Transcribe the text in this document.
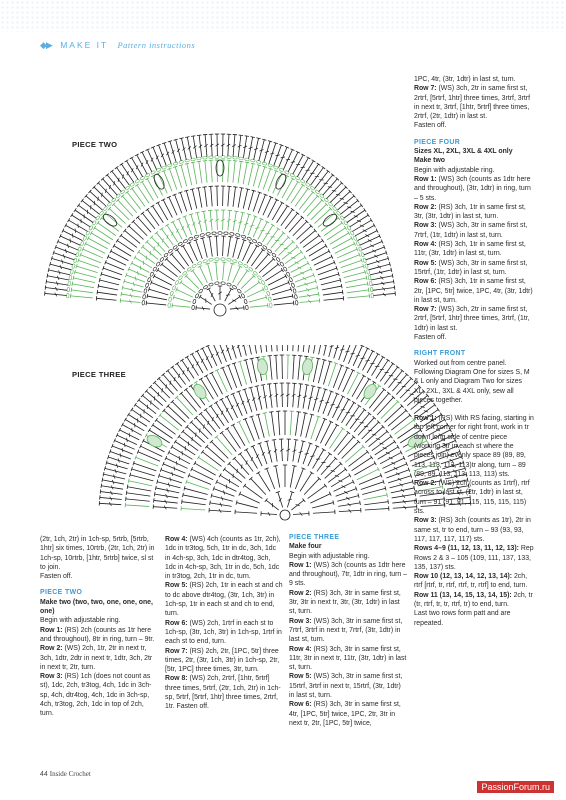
◆▶ MAKE IT Pattern instructions
PIECE TWO
PIECE THREE

1PC, 4tr, (3tr, 1dtr) in last st, turn.

Row 7: (WS) 3ch, 2tr in same first st, 2rtrf, [5rtrf, 1htr] three times, 3rtrf, 3rtrf in next tr, 3rtrf, [1htr, 5rtrf] three times, 2rtrf, (2tr, 1dtr) in last st.

Fasten off.

PIECE FOUR

Sizes XL, 2XL, 3XL & 4XL only

Make two

Begin with adjustable ring.

Row 1: (WS) 3ch (counts as 1dtr here and throughout), (3tr, 1dtr) in ring, turn – 5 sts.

Row 2: (RS) 3ch, 1tr in same first st, 3tr, (3tr, 1dtr) in last st, turn.

Row 3: (WS) 3ch, 3tr in same first st, 7rtrf, (1tr, 1dtr) in last st, turn.

Row 4: (RS) 3ch, 1tr in same first st, 11tr, (3tr, 1dtr) in last st, turn.

Row 5: (WS) 3ch, 3tr in same first st, 15rtrf, (1tr, 1dtr) in last st, turn.

Row 6: (RS) 3ch, 1tr in same first st, 2tr, [1PC, 5tr] twice, 1PC, 4tr, (3tr, 1dtr) in last st, turn.

Row 7: (WS) 3ch, 2tr in same first st, 2rtrf, [5rtrf, 1htr] three times, 3rtrf, (1tr, 1dtr) in last st.

Fasten off.

RIGHT FRONT

Worked out from centre panel. Following Diagram One for sizes S, M & L only and Diagram Two for sizes XL, 2XL, 3XL & 4XL only, sew all pieces together.

Row 1: (RS) With RS facing, starting in top left corner for right front, work in tr down long side of centre piece (working 3tr in each st where the pieces join) evenly space 89 (89, 89, 113, 113, 113, 113)tr along, turn – 89 (89, 89, 113, 113, 113, 113) sts.

Row 2: (WS) 2ch (counts as 1rtrf), rtrf across to last st, (2tr, 1dtr) in last st, turn – 91 (91, 91, 115, 115, 115, 115) sts.

Row 3: (RS) 3ch (counts as 1tr), 2tr in same st, tr to end, turn – 93 (93, 93, 117, 117, 117, 117) sts.

Rows 4–9 (11, 12, 13, 11, 12, 13): Rep Rows 2 & 3 – 105 (109, 111, 137, 133, 135, 137) sts.

Row 10 (12, 13, 14, 12, 13, 14): 2ch, rtrf [rtrf, tr, rtrf, rtrf, tr, rtrf] to end, turn.

Row 11 (13, 14, 15, 13, 14, 15): 2ch, tr (tr, rtrf, tr, tr, rtrf, tr) to end, turn.

Last two rows form patt and are repeated.

(2tr, 1ch, 2tr) in 1ch-sp, 5rtrb, [5rtrb, 1htr] six times, 10rtrb, (2tr, 1ch, 2tr) in 1ch-sp, 10rtrb, [1htr, 5rtrb] twice, sl st to join.

Fasten off.

PIECE TWO

Make two (two, two, one, one, one, one)

Begin with adjustable ring.

Row 1: (RS) 2ch (counts as 1tr here and throughout), 8tr in ring, turn – 9tr.

Row 2: (WS) 2ch, 1tr, 2tr in next tr, 3ch, 1dtr, 2dtr in next tr, 1dtr, 3ch, 2tr in next tr, 2tr, turn.

Row 3: (RS) 1ch (does not count as st), 1dc, 2ch, tr3tog, 4ch, 1dc in 3ch-sp, 4ch, dtr4tog, 4ch, 1dc in 3ch-sp, 4ch, tr3tog, 2ch, 1dc in top of 2ch, turn.

Row 4: (WS) 4ch (counts as 1tr, 2ch), 1dc in tr3tog, 5ch, 1tr in dc, 3ch, 1dc in 4ch-sp, 3ch, 1dc in dtr4tog, 3ch, 1dc in 4ch-sp, 3ch, 1tr in dc, 5ch, 1dc in tr3tog, 2ch, 1tr in dc, turn.

Row 5: (RS) 2ch, 1tr in each st and ch to dc above dtr4tog, (3tr, 1ch, 3tr) in 1ch-sp, 1tr in each st and ch to end, turn.

Row 6: (WS) 2ch, 1rtrf in each st to 1ch-sp, (3tr, 1ch, 3tr) in 1ch-sp, 1rtrf in each st to end, turn.

Row 7: (RS) 2ch, 2tr, [1PC, 5tr] three times, 2tr, (3tr, 1ch, 3tr) in 1ch-sp, 2tr, [5tr, 1PC] three times, 3tr, turn.

Row 8: (WS) 2ch, 2rtrf, [1htr, 5rtrf] three times, 5rtrf, (2tr, 1ch, 2tr) in 1ch-sp, 5rtrf, [5rtrf, 1htr] three times, 2rtrf, 1tr. Fasten off.

PIECE THREE

Make four

Begin with adjustable ring.

Row 1: (WS) 3ch (counts as 1dtr here and throughout), 7tr, 1dtr in ring, turn – 9 sts.

Row 2: (RS) 3ch, 3tr in same first st, 3tr, 3tr in next tr, 3tr, (3tr, 1dtr) in last st, turn.

Row 3: (WS) 3ch, 3tr in same first st, 7rtrf, 3rtrf in next tr, 7rtrf, (3tr, 1dtr) in last st, turn.

Row 4: (RS) 3ch, 3tr in same first st, 11tr, 3tr in next tr, 11tr, (3tr, 1dtr) in last st, turn.

Row 5: (WS) 3ch, 3tr in same first st, 15rtrf, 3rtrf in next tr, 15rtrf, (3tr, 1dtr) in last st, turn.

Row 6: (RS) 3ch, 3tr in same first st, 4tr, [1PC, 5tr] twice, 1PC, 2tr, 3tr in next tr, 2tr, [1PC, 5tr] twice,

44 Inside Crochet
PassionForum.ru
